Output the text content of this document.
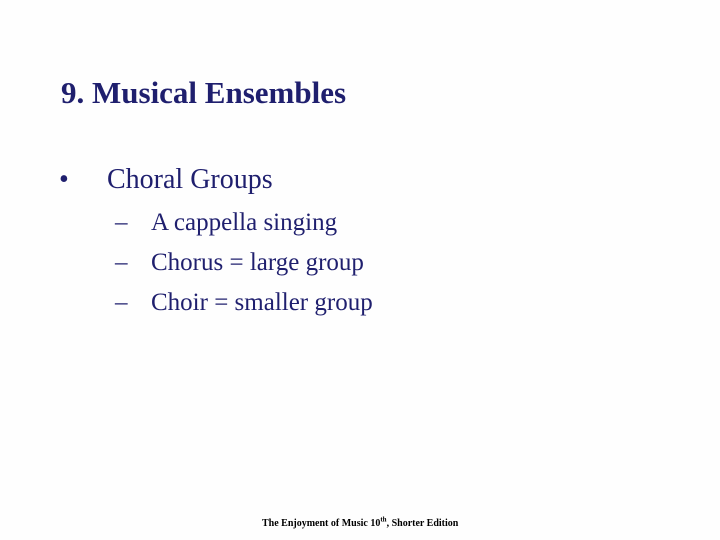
9. Musical Ensembles
• Choral Groups
– A cappella singing
– Chorus = large group
– Choir = smaller group
The Enjoyment of Music 10th, Shorter Edition
